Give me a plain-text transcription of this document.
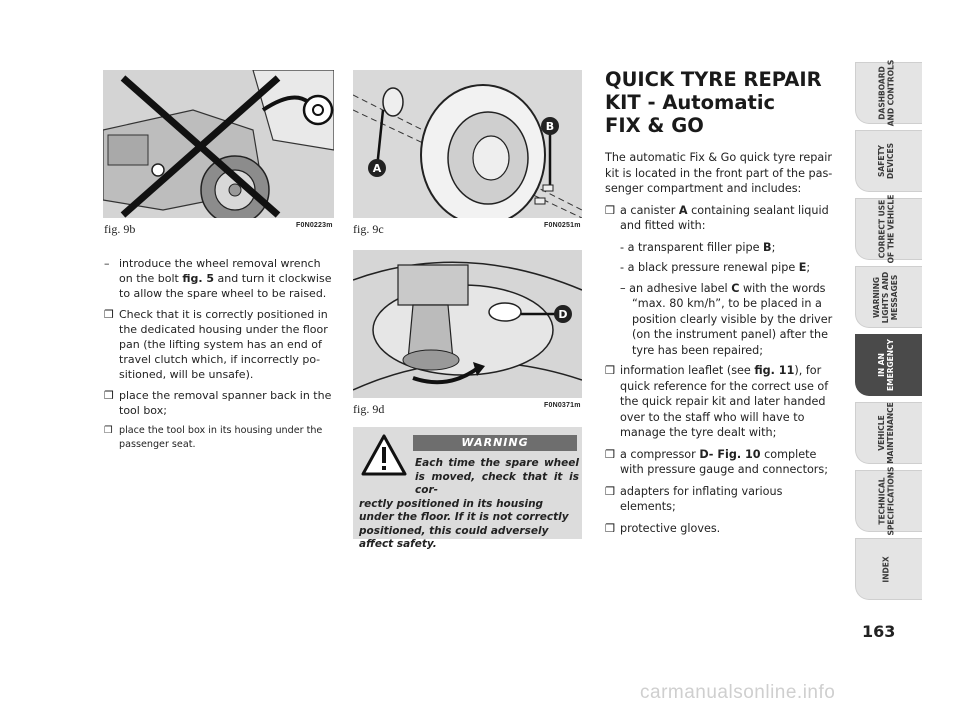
fig. 9b	F0N0223m
A
B
fig. 9c	F0N0251m
D
fig. 9d	F0N0371m
– introduce the wheel removal wrench on the bolt fig. 5 and turn it clockwise to allow the spare wheel to be raised.
❒ Check that it is correctly positioned in the dedicated housing under the floor pan (the lifting system has an end of travel clutch which, if incorrectly positioned, will be unsafe).
❒ place the removal spanner back in the tool box;
❒ place the tool box in its housing under the passenger seat.	WARNING
Each time the spare wheel is moved, check that it is cor-
rectly positioned in its housing under the floor. If it is not correctly positioned, this could adversely affect safety.
QUICK TYRE REPAIR
KIT - Automatic
FIX & GO

The automatic Fix & Go quick tyre repair kit is located in the front part of the passenger compartment and includes:

❒ a canister A containing sealant liquid and fitted with:
- a transparent filler pipe B;
- a black pressure renewal pipe E;
– an adhesive label C with the words “max. 80 km/h”, to be placed in a position clearly visible by the driver (on the instrument panel) after the tyre has been repaired;
❒ information leaflet (see fig. 11), for quick reference for the correct use of the quick repair kit and later handed over to the staff who will have to manage the tyre dealt with;
❒ a compressor D- Fig. 10 complete with pressure gauge and connectors;
❒ adapters for inflating various elements;
❒ protective gloves.
DASHBOARD
AND CONTROLS
SAFETY
DEVICES
CORRECT USE
OF THE VEHICLE
WARNING
LIGHTS AND
MESSAGES
IN AN
EMERGENCY
VEHICLE
MAINTENANCE
TECHNICAL
SPECIFICATIONS
INDEX
163
carmanualsonline.info
